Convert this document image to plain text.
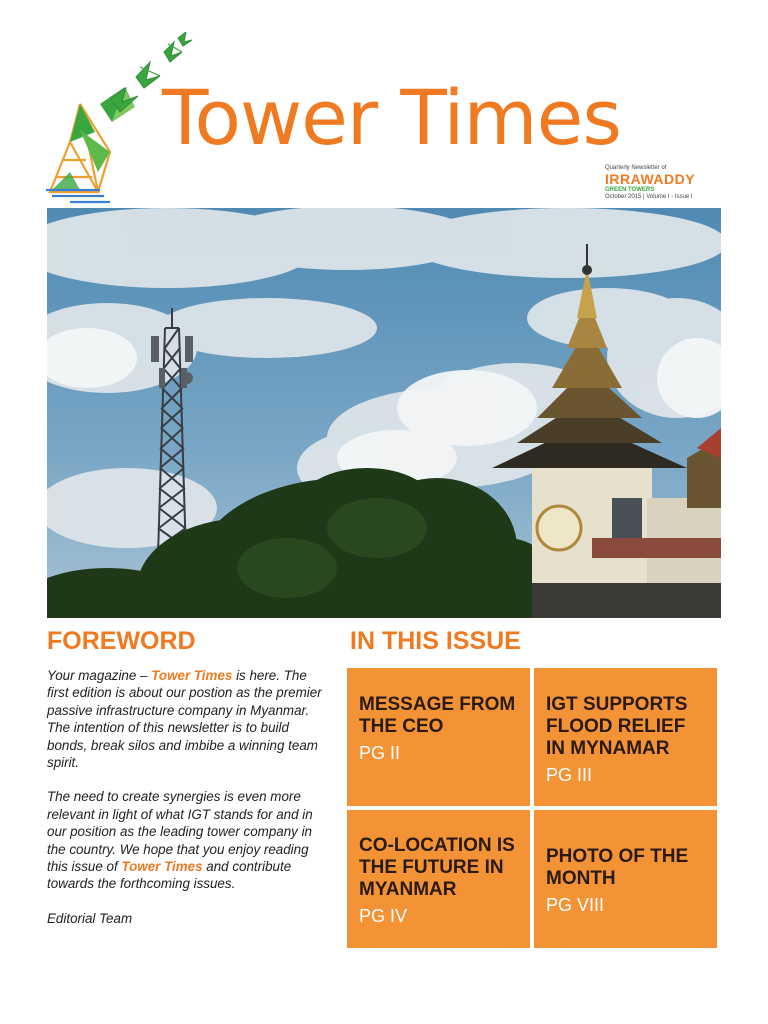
Tower Times
Quarterly Newsletter of
IRRAWADDY
GREEN TOWERS
October 2015 | Volume I - Issue I
FOREWORD	IN THIS ISSUE

Your magazine – Tower Times is here. The first edition is about our postion as the premier passive infrastructure company in Myanmar. The intention of this newsletter is to build bonds, break silos and imbibe a winning team spirit.

The need to create synergies is even more relevant in light of what IGT stands for and in our position as the leading tower company in the country. We hope that you enjoy reading this issue of Tower Times and contribute towards the forthcoming issues.

Editorial Team

MESSAGE FROM THE CEO
PG II
IGT SUPPORTS FLOOD RELIEF IN MYNAMAR
PG III
CO-LOCATION IS THE FUTURE IN MYANMAR
PG IV
PHOTO OF THE MONTH
PG VIII
